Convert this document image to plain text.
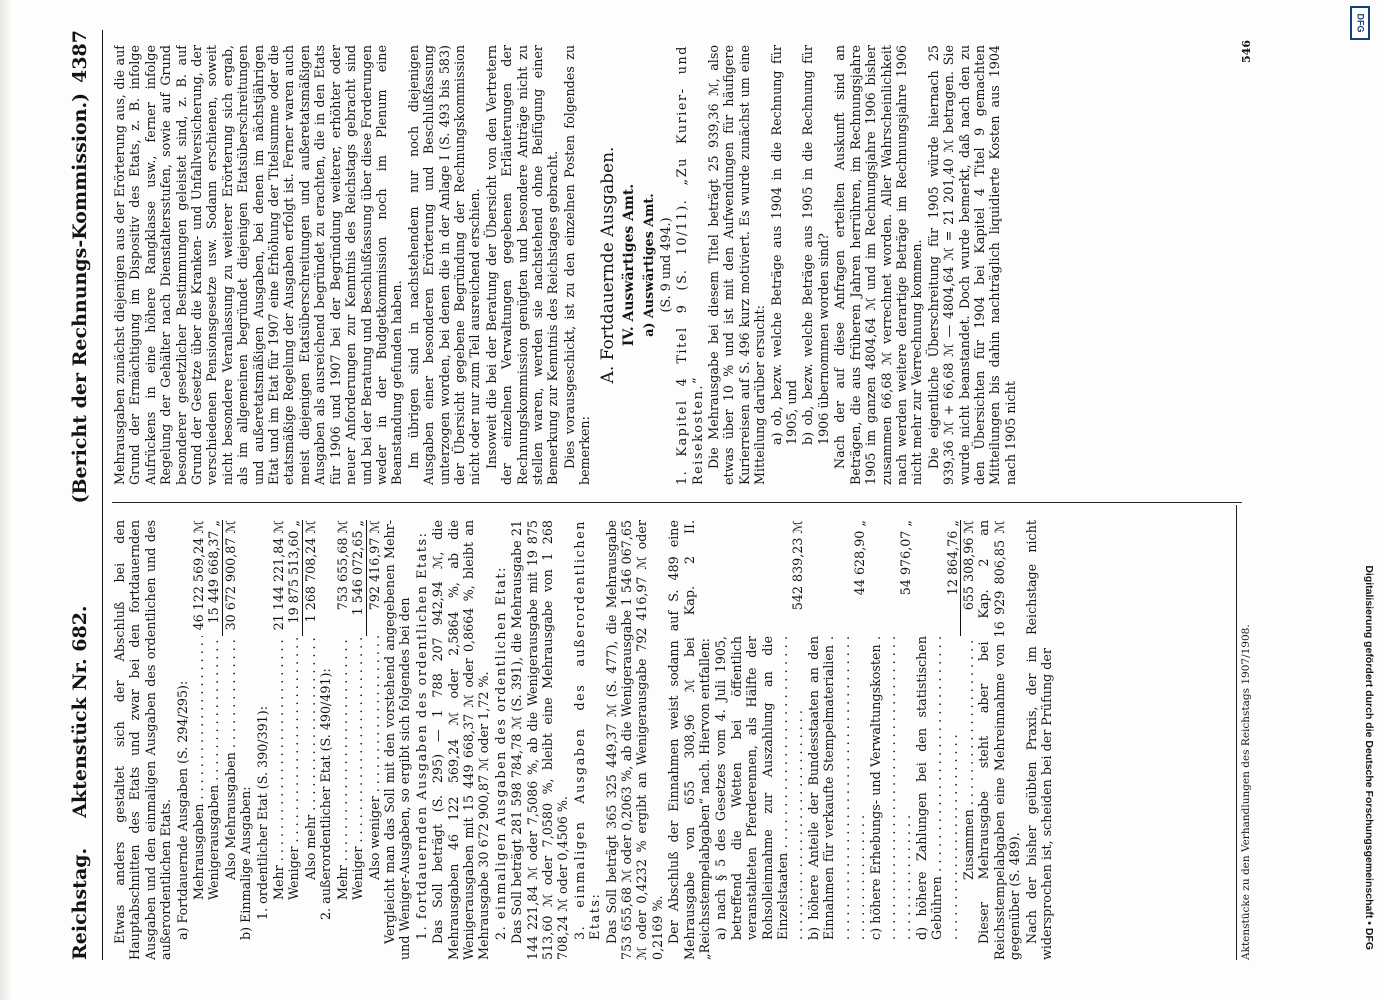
Reichstag.
Aktenstück Nr. 682.
(Bericht der Rechnungs-Kommission.)
4387

Etwas anders gestaltet sich der Abschluß bei den Hauptabschnitten des Etats und zwar bei den fortdauernden Ausgaben und den einmaligen Ausgaben des ordentlichen und des außerordentlichen Etats. a) Fortdauernde Ausgaben (S. 294/295): Mehrausgaben . . .
46 122 569,24 ℳ
Wenigerausgaben . . .
15 449 668,37 „
Also Mehrausgaben . . .
30 672 900,87 ℳ

b) Einmalige Ausgaben: 1. ordentlicher Etat (S. 390/391): Mehr . . .
21 144 221,84 ℳ
Weniger . . .
19 875 513,60 „
Also mehr . . .
1 268 708,24 ℳ

2. außerordentlicher Etat (S. 490/491): Mehr . . .
753 655,68 ℳ
Weniger . . .
1 546 072,65 „
Also weniger . . .
792 416,97 ℳ Vergleicht man das Soll mit den vorstehend angegebenen Mehr- und Weniger-Ausgaben, so ergibt sich folgendes bei den 1. fortdauernden Ausgaben des ordentlichen Etats: Das Soll beträgt (S. 295) — 1 788 207 942,94 ℳ, die Mehrausgaben 46 122 569,24 ℳ oder 2,5864 %, ab die Wenigerausgaben mit 15 449 668,37 ℳ oder 0,8664 %, bleibt an Mehrausgabe 30 672 900,87 ℳ oder 1,72 %. 2. einmaligen Ausgaben des ordentlichen Etat: Das Soll beträgt 281 598 784,78 ℳ (S. 391), die Mehrausgabe 21 144 221,84 ℳ oder 7,5086 %, ab die Wenigerausgabe mit 19 875 513,60 ℳ oder 7,0580 %, bleibt eine Mehrausgabe von 1 268 708,24 ℳ oder 0,4506 %. 3. einmaligen Ausgaben des außerordentlichen Etats: Das Soll beträgt 365 325 449,37 ℳ (S. 477), die Mehrausgabe 753 655,68 ℳ oder 0,2063 %, ab die Wenigerausgabe 1 546 067,65 ℳ oder 0,4232 % ergibt an Wenigerausgabe 792 416,97 ℳ oder 0,2169 %. Der Abschluß der Einnahmen weist sodann auf S. 489 eine Mehrausgabe von 655 308,96 ℳ bei Kap. 2 II. „Reichsstempelabgaben“ nach. Hiervon entfallen: a) nach § 5 des Gesetzes vom 4. Juli 1905, betreffend die Wetten bei öffentlich veranstalteten Pferderennen, als Hälfte der Rohsolleinnahme zur Auszahlung an die Einzelstaaten . . .
542 839,23 ℳ
b) höhere Anteile der Bundesstaaten an den Einnahmen für verkaufte Stempelmaterialien . . .
44 628,90 „
c) höhere Erhebungs- und Verwaltungskosten . . .
54 976,07 „
d) höhere Zahlungen bei den statistischen Gebühren . . .
12 864,76 „
Zusammen . . .
655 308,96 ℳ Dieser Mehrausgabe steht aber bei Kap. 2 an Reichsstempelabgaben eine Mehreinnahme von 16 929 806,85 ℳ gegenüber (S. 489). Nach der bisher geübten Praxis, der im Reichstage nicht widersprochen ist, scheiden bei der Prüfung der

Mehrausgaben zunächst diejenigen aus der Erörterung aus, die auf Grund der Ermächtigung im Dispositiv des Etats, z. B. infolge Aufrückens in eine höhere Rangklasse usw., ferner infolge Regelung der Gehälter nach Dienstaltersstufen, sowie auf Grund besonderer gesetzlicher Bestimmungen geleistet sind, z. B. auf Grund der Gesetze über die Kranken- und Unfallversicherung, der verschiedenen Pensionsgesetze usw. Sodann erschienen, soweit nicht besondere Veranlassung zu weiterer Erörterung sich ergab, als im allgemeinen begründet diejenigen Etatsüberschreitungen und außeretatsmäßigen Ausgaben, bei denen im nächstjährigen Etat und im Etat für 1907 eine Erhöhung der Titelsumme oder die etatsmäßige Regelung der Ausgaben erfolgt ist. Ferner waren auch meist diejenigen Etatsüberschreitungen und außeretatsmäßigen Ausgaben als ausreichend begründet zu erachten, die in den Etats für 1906 und 1907 bei der Begründung weiterer, erhöhter oder neuer Anforderungen zur Kenntnis des Reichstags gebracht sind und bei der Beratung und Beschlußfassung über diese Forderungen weder in der Budgetkommission noch im Plenum eine Beanstandung gefunden haben. Im übrigen sind in nachstehendem nur noch diejenigen Ausgaben einer besonderen Erörterung und Beschlußfassung unterzogen worden, bei denen die in der Anlage I (S. 493 bis 583) der Übersicht gegebene Begründung der Rechnungskommission nicht oder nur zum Teil ausreichend erschien. Insoweit die bei der Beratung der Übersicht von den Vertretern der einzelnen Verwaltungen gegebenen Erläuterungen der Rechnungskommission genügten und besondere Anträge nicht zu stellen waren, werden sie nachstehend ohne Beifügung einer Bemerkung zur Kenntnis des Reichstages gebracht. Dies vorausgeschickt, ist zu den einzelnen Posten folgendes zu bemerken:

A. Fortdauernde Ausgaben. IV. Auswärtiges Amt. a) Auswärtiges Amt. (S. 9 und 494.) 1. Kapitel 4 Titel 9 (S. 10/11). „Zu Kurier- und Reisekosten.“ Die Mehrausgabe bei diesem Titel beträgt 25 939,36 ℳ, also etwas über 10 % und ist mit den Aufwendungen für häufigere Kurierreisen auf S. 496 kurz motiviert. Es wurde zunächst um eine Mitteilung darüber ersucht: a) ob, bezw. welche Beträge aus 1904 in die Rechnung für 1905, und b) ob, bezw. welche Beträge aus 1905 in die Rechnung für 1906 übernommen worden sind? Nach der auf diese Anfragen erteilten Auskunft sind an Beträgen, die aus früheren Jahren herrühren, im Rechnungsjahre 1905 im ganzen 4804,64 ℳ und im Rechnungsjahre 1906 bisher zusammen 66,68 ℳ verrechnet worden. Aller Wahrscheinlichkeit nach werden weitere derartige Beträge im Rechnungsjahre 1906 nicht mehr zur Verrechnung kommen. Die eigentliche Überschreitung für 1905 würde hiernach 25 939,36 ℳ + 66,68 ℳ — 4804,64 ℳ = 21 201,40 ℳ betragen. Sie wurde nicht beanstandet. Doch wurde bemerkt, daß nach den zu den Übersichten für 1904 bei Kapitel 4 Titel 9 gemachten Mitteilungen bis dahin nachträglich liquidierte Kosten aus 1904 nach 1905 nicht

Aktenstücke zu den Verhandlungen des Reichstags 1907/1908.
546
Digitalisierung gefördert durch die Deutsche Forschungsgemeinschaft • DFG
DFG
